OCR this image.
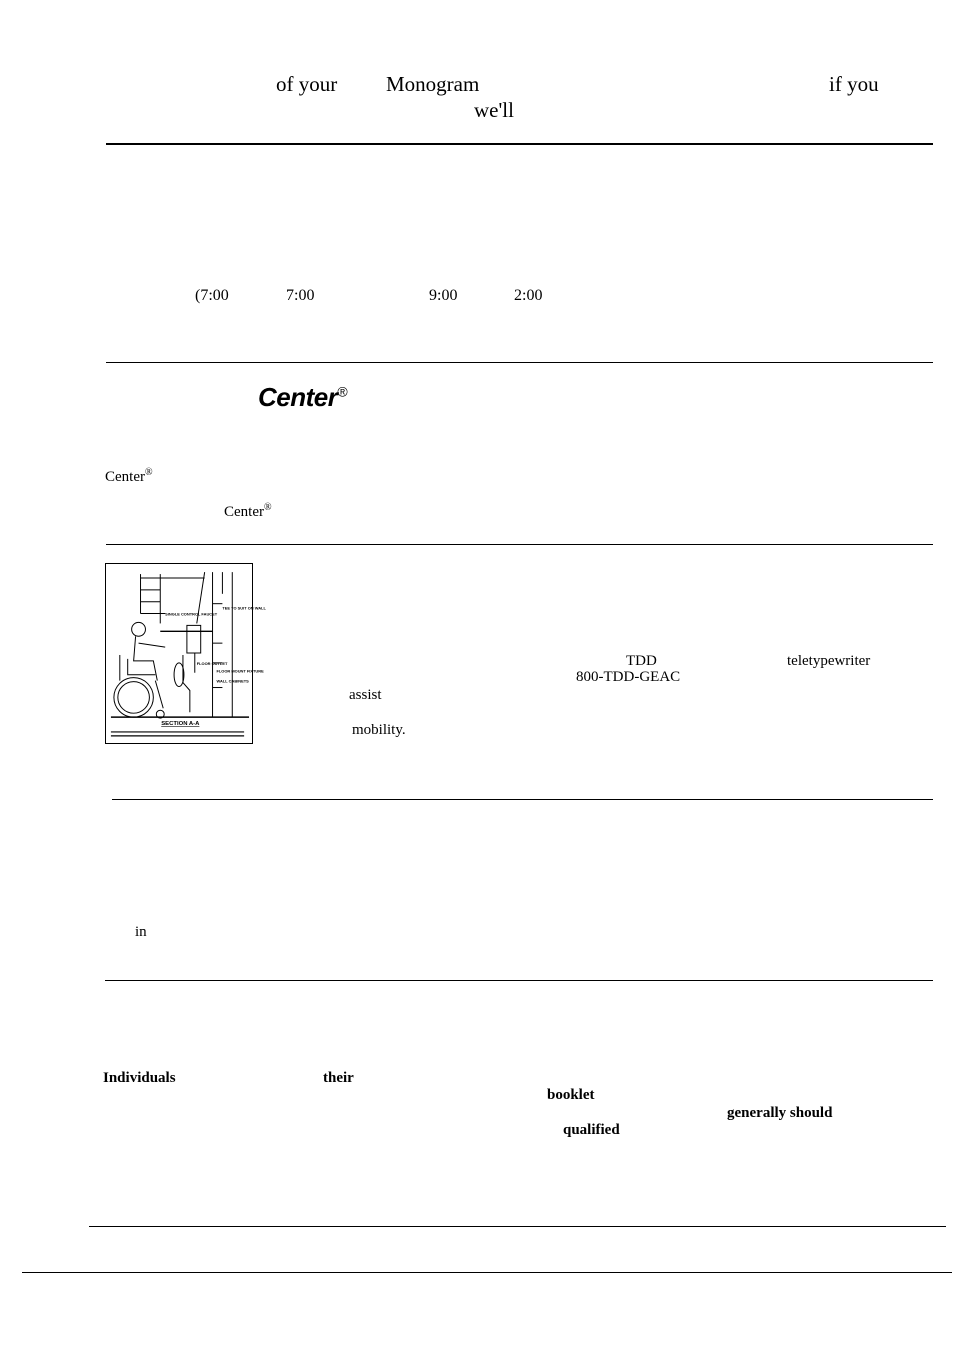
of your Monogram	if you
we'll
(7:00	7:00	9:00	2:00
Center®
Center®
Center®
SINGLE CONTROL FAUCET
TEE TO SUIT ON WALL
FLOOR OUTLET
FLOOR MOUNT FIXTURE
WALL CABINETS
SECTION A-A
TDD	teletypewriter
800-TDD-GEAC
assist
mobility.
in
Individuals	their
booklet
generally should
qualified
